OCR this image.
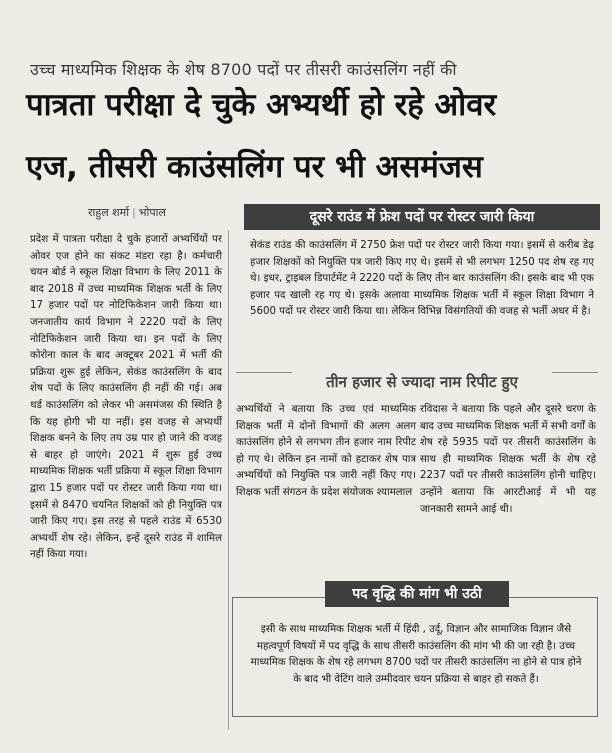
उच्च माध्यमिक शिक्षक के शेष 8700 पदों पर तीसरी काउंसलिंग नहीं की
पात्रता परीक्षा दे चुके अभ्यर्थी हो रहे ओवर
एज, तीसरी काउंसलिंग पर भी असमंजस
राहुल शर्मा | भोपाल
प्रदेश में पात्रता परीक्षा दे चुके हजारों अभ्यर्थियों पर ओवर एज होने का संकट मंडरा रहा है। कर्मचारी चयन बोर्ड ने स्कूल शिक्षा विभाग के लिए 2011 के बाद 2018 में उच्च माध्यमिक शिक्षक भर्ती के लिए 17 हजार पदों पर नोटिफिकेशन जारी किया था। जनजातीय कार्य विभाग ने 2220 पदों के लिए नोटिफिकेशन जारी किया था। इन पदों के लिए कोरोना काल के बाद अक्टूबर 2021 में भर्ती की प्रक्रिया शुरू हुई लेकिन, सेकंड काउंसलिंग के बाद शेष पदों के लिए काउंसलिंग ही नहीं की गई। अब थर्ड काउंसलिंग को लेकर भी असमंजस की स्थिति है कि यह होगी भी या नहीं। इस वजह से अभ्यर्थी शिक्षक बनने के लिए तय उम्र पार हो जाने की वजह से बाहर हो जाएंगे। 2021 में शुरू हुई उच्च माध्यमिक शिक्षक भर्ती प्रक्रिया में स्कूल शिक्षा विभाग द्वारा 15 हजार पदों पर रोस्टर जारी किया गया था। इसमें से 8470 चयनित शिक्षकों को ही नियुक्ति पत्र जारी किए गए। इस तरह से पहले राउंड में 6530 अभ्यर्थी शेष रहे। लेकिन, इन्हें दूसरे राउंड में शामिल नहीं किया गया।
दूसरे राउंड में फ्रेश पदों पर रोस्टर जारी किया
सेकंड राउंड की काउंसलिंग में 2750 फ्रेश पदों पर रोस्टर जारी किया गया। इसमें से करीब डेढ़ हजार शिक्षकों को नियुक्ति पत्र जारी किए गए थे। इसमें से भी लगभग 1250 पद शेष रह गए थे। इधर, ट्राइबल डिपार्टमेंट ने 2220 पदों के लिए तीन बार काउंसलिंग की। इसके बाद भी एक हजार पद खाली रह गए थे। इसके अलावा माध्यमिक शिक्षक भर्ती में स्कूल शिक्षा विभाग ने 5600 पदों पर रोस्टर जारी किया था। लेकिन विभिन्न विसंगतियों की वजह से भर्ती अधर में है।
तीन हजार से ज्यादा नाम रिपीट हुए
अभ्यर्थियों ने बताया कि उच्च एवं माध्यमिक शिक्षक भर्ती में दोनों विभागों की अलग अलग काउंसलिंग होने से लगभग तीन हजार नाम रिपीट हो गए थे। लेकिन इन नामों को हटाकर शेष पात्र अभ्यर्थियों को नियुक्ति पत्र जारी नहीं किए गए। शिक्षक भर्ती संगठन के प्रदेश संयोजक श्यामलाल
रविदास ने बताया कि पहले और दूसरे चरण के बाद उच्च माध्यमिक शिक्षक भर्ती में सभी वर्गों के शेष रहे 5935 पदों पर तीसरी काउंसलिंग के साथ ही माध्यमिक शिक्षक भर्ती के शेष रहे 2237 पदों पर तीसरी काउंसलिंग होनी चाहिए। उन्होंने बताया कि आरटीआई में भी यह जानकारी सामने आई थी।
पद वृद्धि की मांग भी उठी
इसी के साथ माध्यमिक शिक्षक भर्ती में हिंदी , उर्दू, विज्ञान और सामाजिक विज्ञान जैसे महत्वपूर्ण विषयों में पद वृद्धि के साथ तीसरी काउंसलिंग की मांग भी की जा रही है। उच्च माध्यमिक शिक्षक के शेष रहे लगभग 8700 पदों पर तीसरी काउंसलिंग ना होने से पात्र होने के बाद भी वेटिंग वाले उम्मीदवार चयन प्रक्रिया से बाहर हो सकते हैं।
